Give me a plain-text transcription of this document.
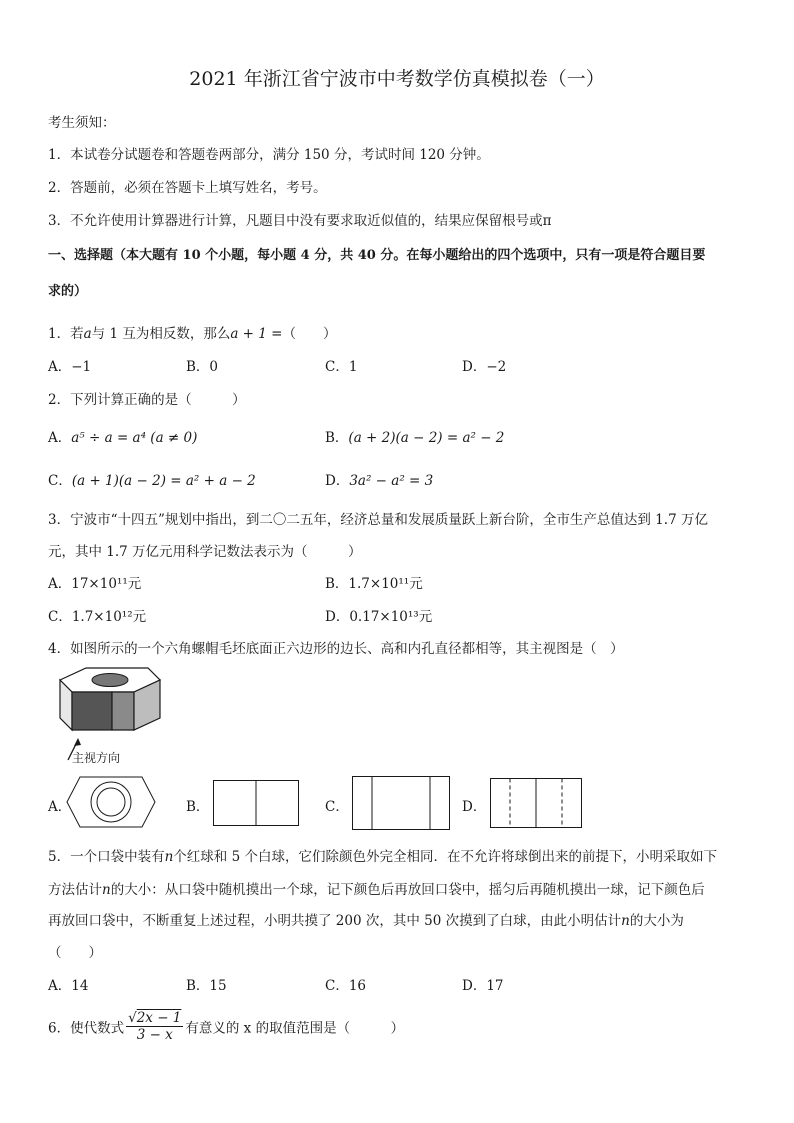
2021 年浙江省宁波市中考数学仿真模拟卷（一）
考生须知：
1．本试卷分试题卷和答题卷两部分，满分 150 分，考试时间 120 分钟。
2．答题前，必须在答题卡上填写姓名，考号。
3．不允许使用计算器进行计算，凡题目中没有要求取近似值的，结果应保留根号或π
一、选择题（本大题有 10 个小题，每小题 4 分，共 40 分。在每小题给出的四个选项中，只有一项是符合题目要
求的）
1．若a与 1 互为相反数，那么a + 1 =（　　）
A．−1	B．0	C．1	D．−2
2．下列计算正确的是（　　　）
A．a⁵ ÷ a = a⁴ (a ≠ 0)	B．(a + 2)(a − 2) = a² − 2
C．(a + 1)(a − 2) = a² + a − 2	D．3a² − a² = 3
3．宁波市“十四五”规划中指出，到二〇二五年，经济总量和发展质量跃上新台阶，全市生产总值达到 1.7 万亿
元，其中 1.7 万亿元用科学记数法表示为（　　　）
A．17×10¹¹元	B．1.7×10¹¹元
C．1.7×10¹²元	D．0.17×10¹³元
4．如图所示的一个六角螺帽毛坯底面正六边形的边长、高和内孔直径都相等，其主视图是（　）
主视方向
A．	B．	C．	D．
5．一个口袋中装有n个红球和 5 个白球，它们除颜色外完全相同．在不允许将球倒出来的前提下，小明采取如下
方法估计n的大小：从口袋中随机摸出一个球，记下颜色后再放回口袋中，摇匀后再随机摸出一球，记下颜色后
再放回口袋中，不断重复上述过程，小明共摸了 200 次，其中 50 次摸到了白球，由此小明估计n的大小为
（　　）
A．14	B．15	C．16	D．17
6．使代数式 $\frac{√2x - 1}{3 - x}$ 有意义的 x 的取值范围是（　　　）
